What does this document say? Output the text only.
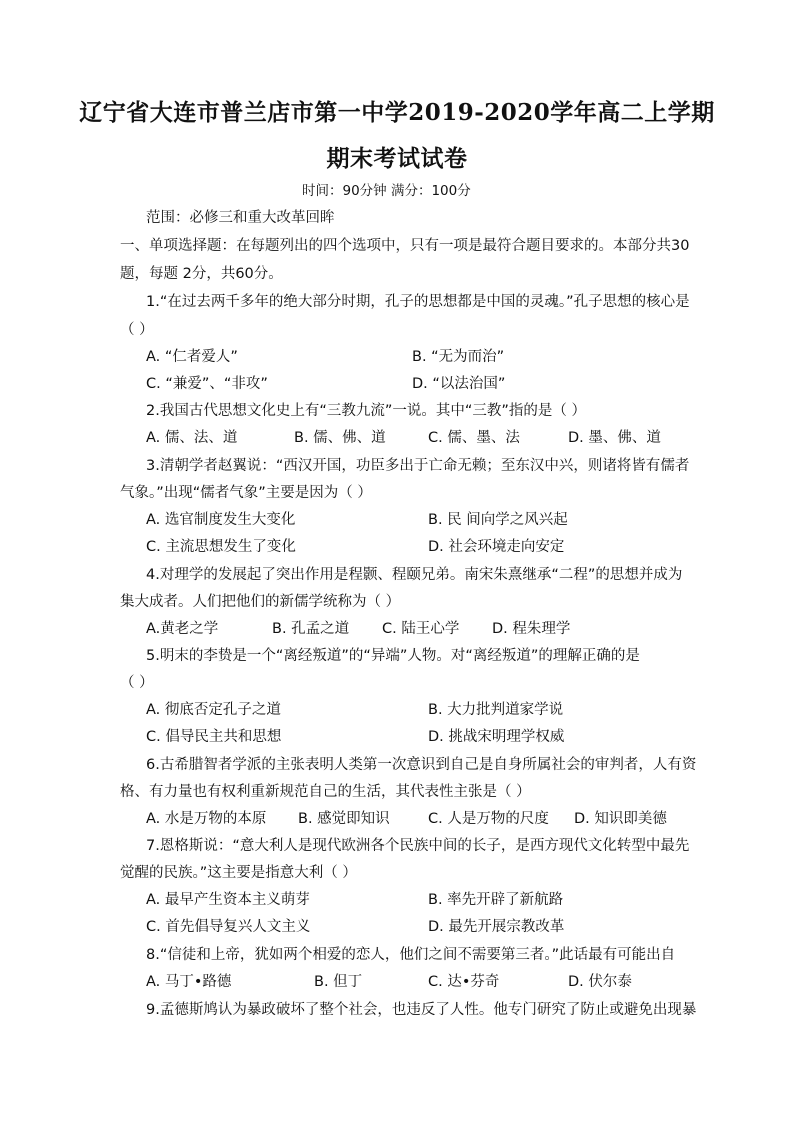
辽宁省大连市普兰店市第一中学2019-2020学年高二上学期
期末考试试卷
时间：90分钟 满分：100分
范围：必修三和重大改革回眸
一、单项选择题：在每题列出的四个选项中，只有一项是最符合题目要求的。本部分共30
题，每题 2分，共60分。
1.“在过去两千多年的绝大部分时期，孔子的思想都是中国的灵魂。”孔子思想的核心是
（ ）
A. “仁者爱人”	B. “无为而治”
C. “兼爱”、“非攻”	D. “以法治国”
2.我国古代思想文化史上有“三教九流”一说。其中“三教”指的是（ ）
A. 儒、法、道	B. 儒、佛、道	C. 儒、墨、法	D. 墨、佛、道
3.清朝学者赵翼说：“西汉开国，功臣多出于亡命无赖；至东汉中兴，则诸将皆有儒者
气象。”出现“儒者气象”主要是因为（ ）
A. 选官制度发生大变化	B. 民 间向学之风兴起
C. 主流思想发生了变化	D. 社会环境走向安定
4.对理学的发展起了突出作用是程颢、程颐兄弟。南宋朱熹继承“二程”的思想并成为
集大成者。人们把他们的新儒学统称为（ ）
A.黄老之学	B. 孔孟之道 C. 陆王心学 D. 程朱理学
5.明末的李贽是一个“离经叛道”的“异端”人物。对“离经叛道”的理解正确的是
（ ）
A. 彻底否定孔子之道	B. 大力批判道家学说
C. 倡导民主共和思想	D. 挑战宋明理学权威
6.古希腊智者学派的主张表明人类第一次意识到自己是自身所属社会的审判者，人有资
格、有力量也有权利重新规范自己的生活，其代表性主张是（ ）
A. 水是万物的本原 B. 感觉即知识	C. 人是万物的尺度 D. 知识即美德
7.恩格斯说：“意大利人是现代欧洲各个民族中间的长子，是西方现代文化转型中最先
觉醒的民族。”这主要是指意大利（ ）
A. 最早产生资本主义萌芽	B. 率先开辟了新航路
C. 首先倡导复兴人文主义	D. 最先开展宗教改革
8.“信徒和上帝，犹如两个相爱的恋人，他们之间不需要第三者。”此话最有可能出自
A. 马丁•路德	B. 但丁	C. 达•芬奇	D. 伏尔泰
9.孟德斯鸠认为暴政破坏了整个社会，也违反了人性。他专门研究了防止或避免出现暴
